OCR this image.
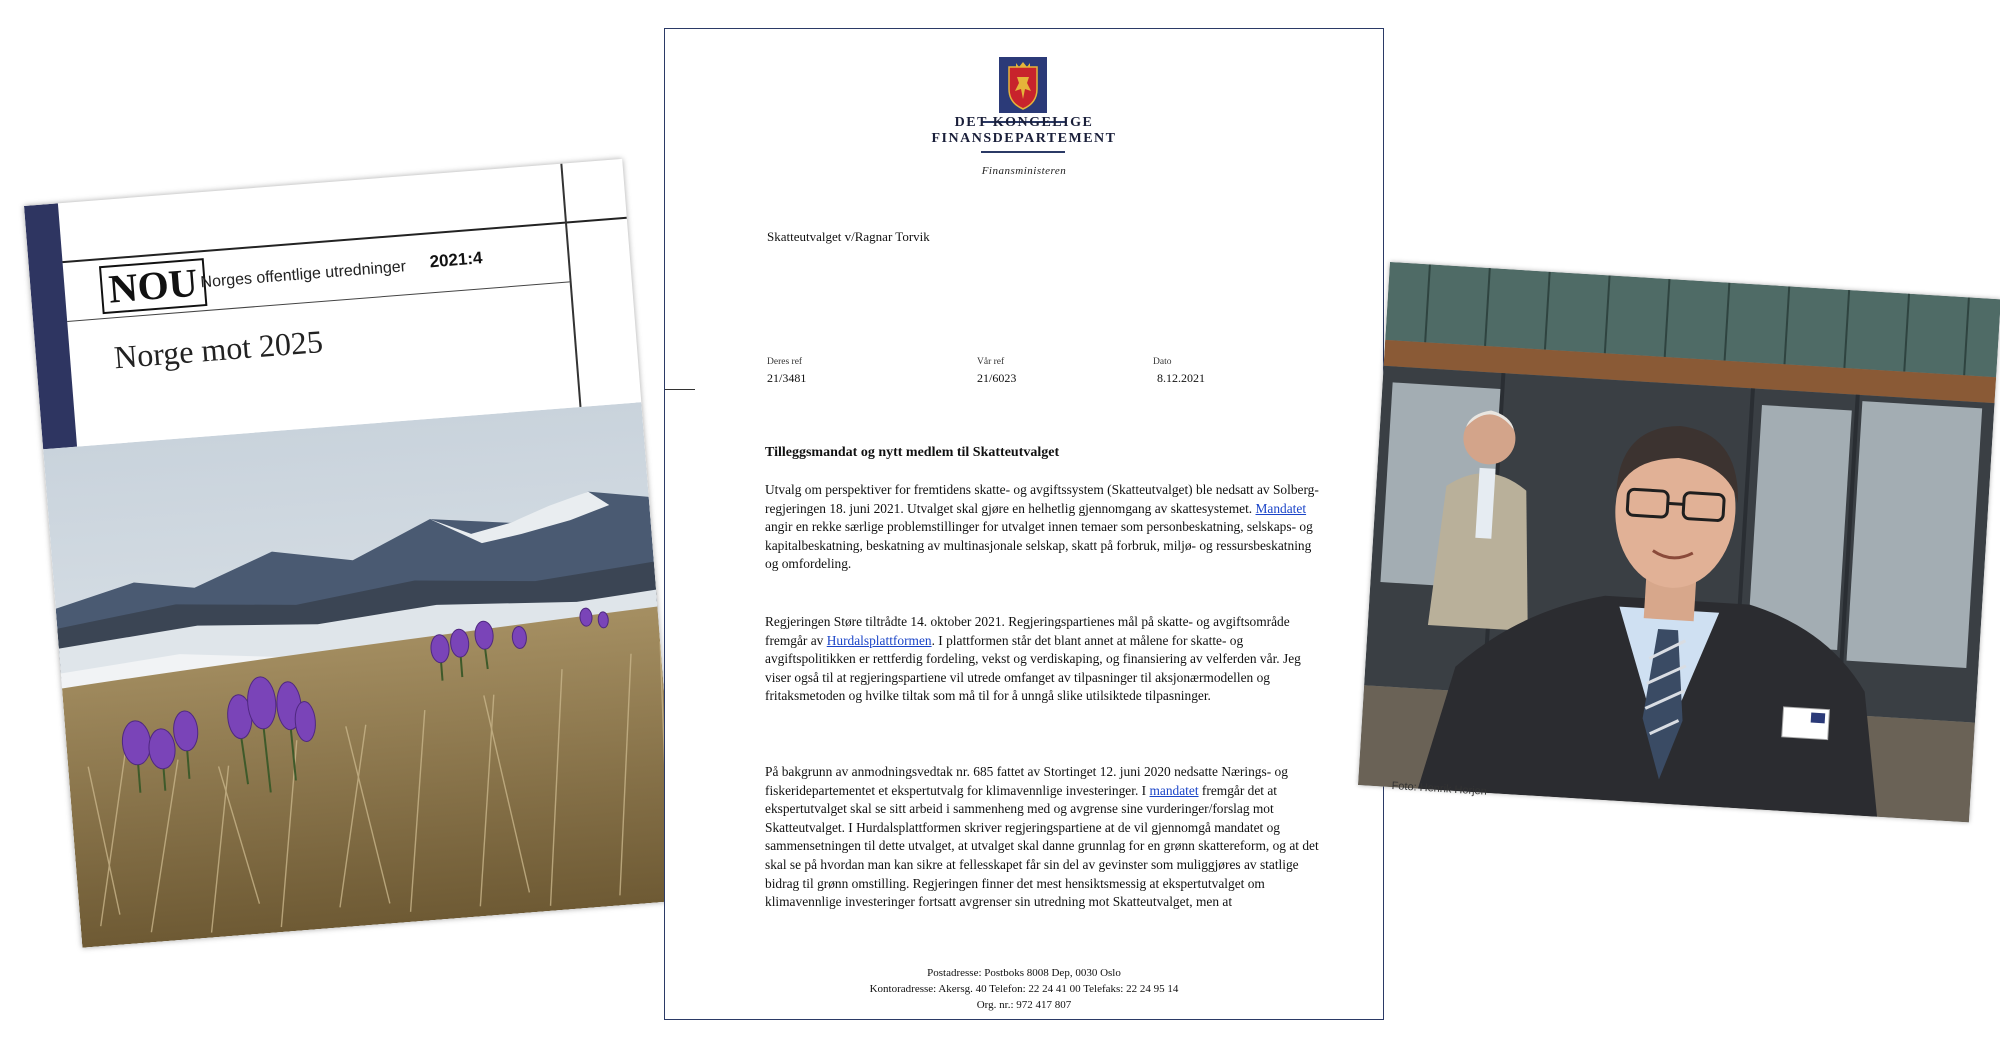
NOU Norges offentlige utredninger 2021:4
Norge mot 2025
DET KONGELIGE
FINANSDEPARTEMENT
Finansministeren
Skatteutvalget v/Ragnar Torvik
Deres ref
21/3481
Vår ref
21/6023
Dato
8.12.2021
Tilleggsmandat og nytt medlem til Skatteutvalget

Utvalg om perspektiver for fremtidens skatte- og avgiftssystem (Skatteutvalget) ble nedsatt av Solberg-regjeringen 18. juni 2021. Utvalget skal gjøre en helhetlig gjennomgang av skattesystemet. Mandatet angir en rekke særlige problemstillinger for utvalget innen temaer som personbeskatning, selskaps- og kapitalbeskatning, beskatning av multinasjonale selskap, skatt på forbruk, miljø- og ressursbeskatning og omfordeling.

Regjeringen Støre tiltrådte 14. oktober 2021. Regjeringspartienes mål på skatte- og avgiftsområde fremgår av Hurdalsplattformen. I plattformen står det blant annet at målene for skatte- og avgiftspolitikken er rettferdig fordeling, vekst og verdiskaping, og finansiering av velferden vår. Jeg viser også til at regjeringspartiene vil utrede omfanget av tilpasninger til aksjonærmodellen og fritaksmetoden og hvilke tiltak som må til for å unngå slike utilsiktede tilpasninger.

På bakgrunn av anmodningsvedtak nr. 685 fattet av Stortinget 12. juni 2020 nedsatte Nærings- og fiskeridepartementet et ekspertutvalg for klimavennlige investeringer. I mandatet fremgår det at ekspertutvalget skal se sitt arbeid i sammenheng med og avgrense sine vurderinger/forslag mot Skatteutvalget. I Hurdalsplattformen skriver regjeringspartiene at de vil gjennomgå mandatet og sammensetningen til dette utvalget, at utvalget skal danne grunnlag for en grønn skattereform, og at det skal se på hvordan man kan sikre at fellesskapet får sin del av gevinster som muliggjøres av statlige bidrag til grønn omstilling. Regjeringen finner det mest hensiktsmessig at ekspertutvalget om klimavennlige investeringer fortsatt avgrenser sin utredning mot Skatteutvalget, men at

Postadresse: Postboks 8008 Dep, 0030 Oslo
Kontoradresse: Akersg. 40 Telefon: 22 24 41 00 Telefaks: 22 24 95 14
Org. nr.: 972 417 807
Foto: Henrik Horjen
